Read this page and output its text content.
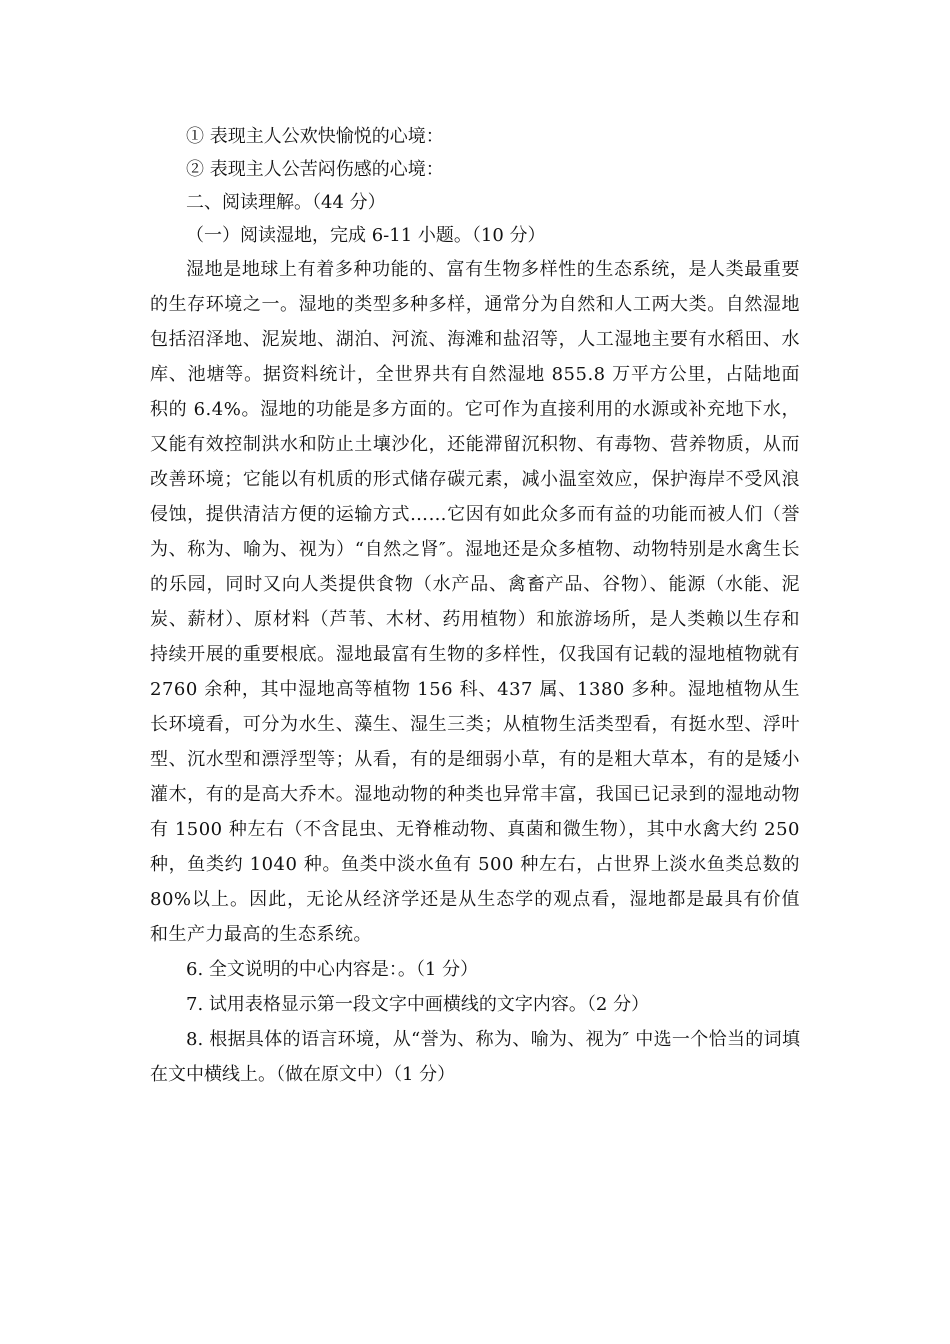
① 表现主人公欢快愉悦的心境：

② 表现主人公苦闷伤感的心境：

二、阅读理解。（44 分）

（一）阅读湿地，完成 6-11 小题。（10 分）

湿地是地球上有着多种功能的、富有生物多样性的生态系统，是人类最重要的生存环境之一。湿地的类型多种多样，通常分为自然和人工两大类。自然湿地包括沼泽地、泥炭地、湖泊、河流、海滩和盐沼等，人工湿地主要有水稻田、水库、池塘等。据资料统计，全世界共有自然湿地 855.8 万平方公里，占陆地面积的 6.4%。湿地的功能是多方面的。它可作为直接利用的水源或补充地下水，又能有效控制洪水和防止土壤沙化，还能滞留沉积物、有毒物、营养物质，从而改善环境；它能以有机质的形式储存碳元素，减小温室效应，保护海岸不受风浪侵蚀，提供清洁方便的运输方式……它因有如此众多而有益的功能而被人们（誉为、称为、喻为、视为）“自然之肾″。湿地还是众多植物、动物特别是水禽生长的乐园，同时又向人类提供食物（水产品、禽畜产品、谷物）、能源（水能、泥炭、薪材）、原材料（芦苇、木材、药用植物）和旅游场所，是人类赖以生存和持续开展的重要根底。湿地最富有生物的多样性，仅我国有记载的湿地植物就有 2760 余种，其中湿地高等植物 156 科、437 属、1380 多种。湿地植物从生长环境看，可分为水生、藻生、湿生三类；从植物生活类型看，有挺水型、浮叶型、沉水型和漂浮型等；从看，有的是细弱小草，有的是粗大草本，有的是矮小灌木，有的是高大乔木。湿地动物的种类也异常丰富，我国已记录到的湿地动物有 1500 种左右（不含昆虫、无脊椎动物、真菌和微生物），其中水禽大约 250 种，鱼类约 1040 种。鱼类中淡水鱼有 500 种左右，占世界上淡水鱼类总数的 80%以上。因此，无论从经济学还是从生态学的观点看，湿地都是最具有价值和生产力最高的生态系统。

6. 全文说明的中心内容是：。（1 分）

7. 试用表格显示第一段文字中画横线的文字内容。（2 分）

8. 根据具体的语言环境，从“誉为、称为、喻为、视为″ 中选一个恰当的词填在文中横线上。（做在原文中）（1 分）
